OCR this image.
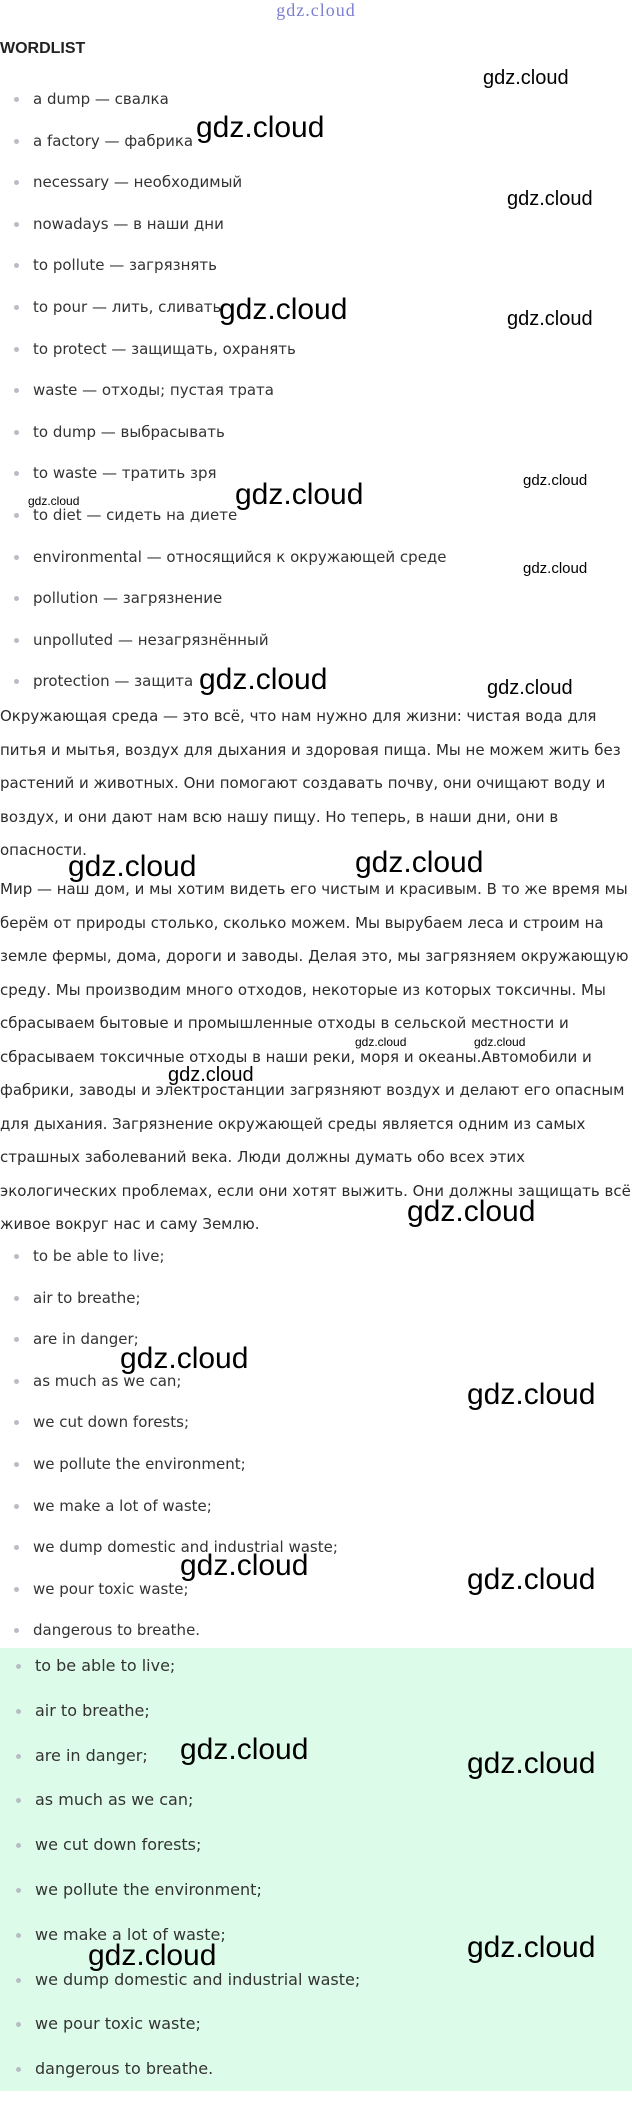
gdz.cloud
WORDLIST
a dump — свалка
a factory — фабрика
necessary — необходимый
nowadays — в наши дни
to pollute — загрязнять
to pour — лить, сливать
to protect — защищать, охранять
waste — отходы; пустая трата
to dump — выбрасывать
to waste — тратить зря
to diet — сидеть на диете
environmental — относящийся к окружающей среде
pollution — загрязнение
unpolluted — незагрязнённый
protection — защита

Окружающая среда — это всё, что нам нужно для жизни: чистая вода для питья и мытья, воздух для дыхания и здоровая пища. Мы не можем жить без растений и животных. Они помогают создавать почву, они очищают воду и воздух, и они дают нам всю нашу пищу. Но теперь, в наши дни, они в опасности.

Мир — наш дом, и мы хотим видеть его чистым и красивым. В то же время мы берём от природы столько, сколько можем. Мы вырубаем леса и строим на земле фермы, дома, дороги и заводы. Делая это, мы загрязняем окружающую среду. Мы производим много отходов, некоторые из которых токсичны. Мы сбрасываем бытовые и промышленные отходы в сельской местности и сбрасываем токсичные отходы в наши реки, моря и океаны.Автомобили и фабрики, заводы и электростанции загрязняют воздух и делают его опасным для дыхания. Загрязнение окружающей среды является одним из самых страшных заболеваний века. Люди должны думать обо всех этих экологических проблемах, если они хотят выжить. Они должны защищать всё живое вокруг нас и саму Землю.

to be able to live;
air to breathe;
are in danger;
as much as we can;
we cut down forests;
we pollute the environment;
we make a lot of waste;
we dump domestic and industrial waste;
we pour toxic waste;
dangerous to breathe.
to be able to live;
air to breathe;
are in danger;
as much as we can;
we cut down forests;
we pollute the environment;
we make a lot of waste;
we dump domestic and industrial waste;
we pour toxic waste;
dangerous to breathe.
gdz.cloud
gdz.cloud
gdz.cloud
gdz.cloud	gdz.cloud
gdz.cloud
gdz.cloud	gdz.cloud
gdz.cloud
gdz.cloud	gdz.cloud
gdz.cloud	gdz.cloud
gdz.cloud	gdz.cloud
gdz.cloud
gdz.cloud
gdz.cloud
gdz.cloud
gdz.cloud	gdz.cloud
gdz.cloud	gdz.cloud
gdz.cloud	gdz.cloud
